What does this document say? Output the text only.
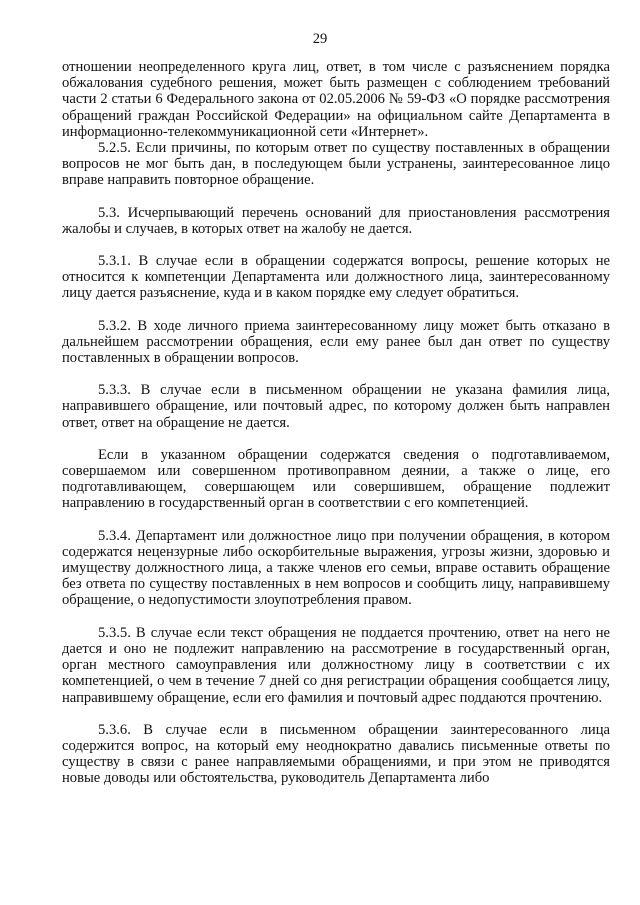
29

отношении неопределенного круга лиц, ответ, в том числе с разъяснением порядка обжалования судебного решения, может быть размещен с соблюдением требований части 2 статьи 6 Федерального закона от 02.05.2006 № 59-ФЗ «О порядке рассмотрения обращений граждан Российской Федерации» на официальном сайте Департамента в информационно-телекоммуникационной сети «Интернет».

5.2.5. Если причины, по которым ответ по существу поставленных в обращении вопросов не мог быть дан, в последующем были устранены, заинтересованное лицо вправе направить повторное обращение.

5.3. Исчерпывающий перечень оснований для приостановления рассмотрения жалобы и случаев, в которых ответ на жалобу не дается.

5.3.1. В случае если в обращении содержатся вопросы, решение которых не относится к компетенции Департамента или должностного лица, заинтересованному лицу дается разъяснение, куда и в каком порядке ему следует обратиться.

5.3.2. В ходе личного приема заинтересованному лицу может быть отказано в дальнейшем рассмотрении обращения, если ему ранее был дан ответ по существу поставленных в обращении вопросов.

5.3.3. В случае если в письменном обращении не указана фамилия лица, направившего обращение, или почтовый адрес, по которому должен быть направлен ответ, ответ на обращение не дается.

Если в указанном обращении содержатся сведения о подготавливаемом, совершаемом или совершенном противоправном деянии, а также о лице, его подготавливающем, совершающем или совершившем, обращение подлежит направлению в государственный орган в соответствии с его компетенцией.

5.3.4. Департамент или должностное лицо при получении обращения, в котором содержатся нецензурные либо оскорбительные выражения, угрозы жизни, здоровью и имуществу должностного лица, а также членов его семьи, вправе оставить обращение без ответа по существу поставленных в нем вопросов и сообщить лицу, направившему обращение, о недопустимости злоупотребления правом.

5.3.5. В случае если текст обращения не поддается прочтению, ответ на него не дается и оно не подлежит направлению на рассмотрение в государственный орган, орган местного самоуправления или должностному лицу в соответствии с их компетенцией, о чем в течение 7 дней со дня регистрации обращения сообщается лицу, направившему обращение, если его фамилия и почтовый адрес поддаются прочтению.

5.3.6. В случае если в письменном обращении заинтересованного лица содержится вопрос, на который ему неоднократно давались письменные ответы по существу в связи с ранее направляемыми обращениями, и при этом не приводятся новые доводы или обстоятельства, руководитель Департамента либо
